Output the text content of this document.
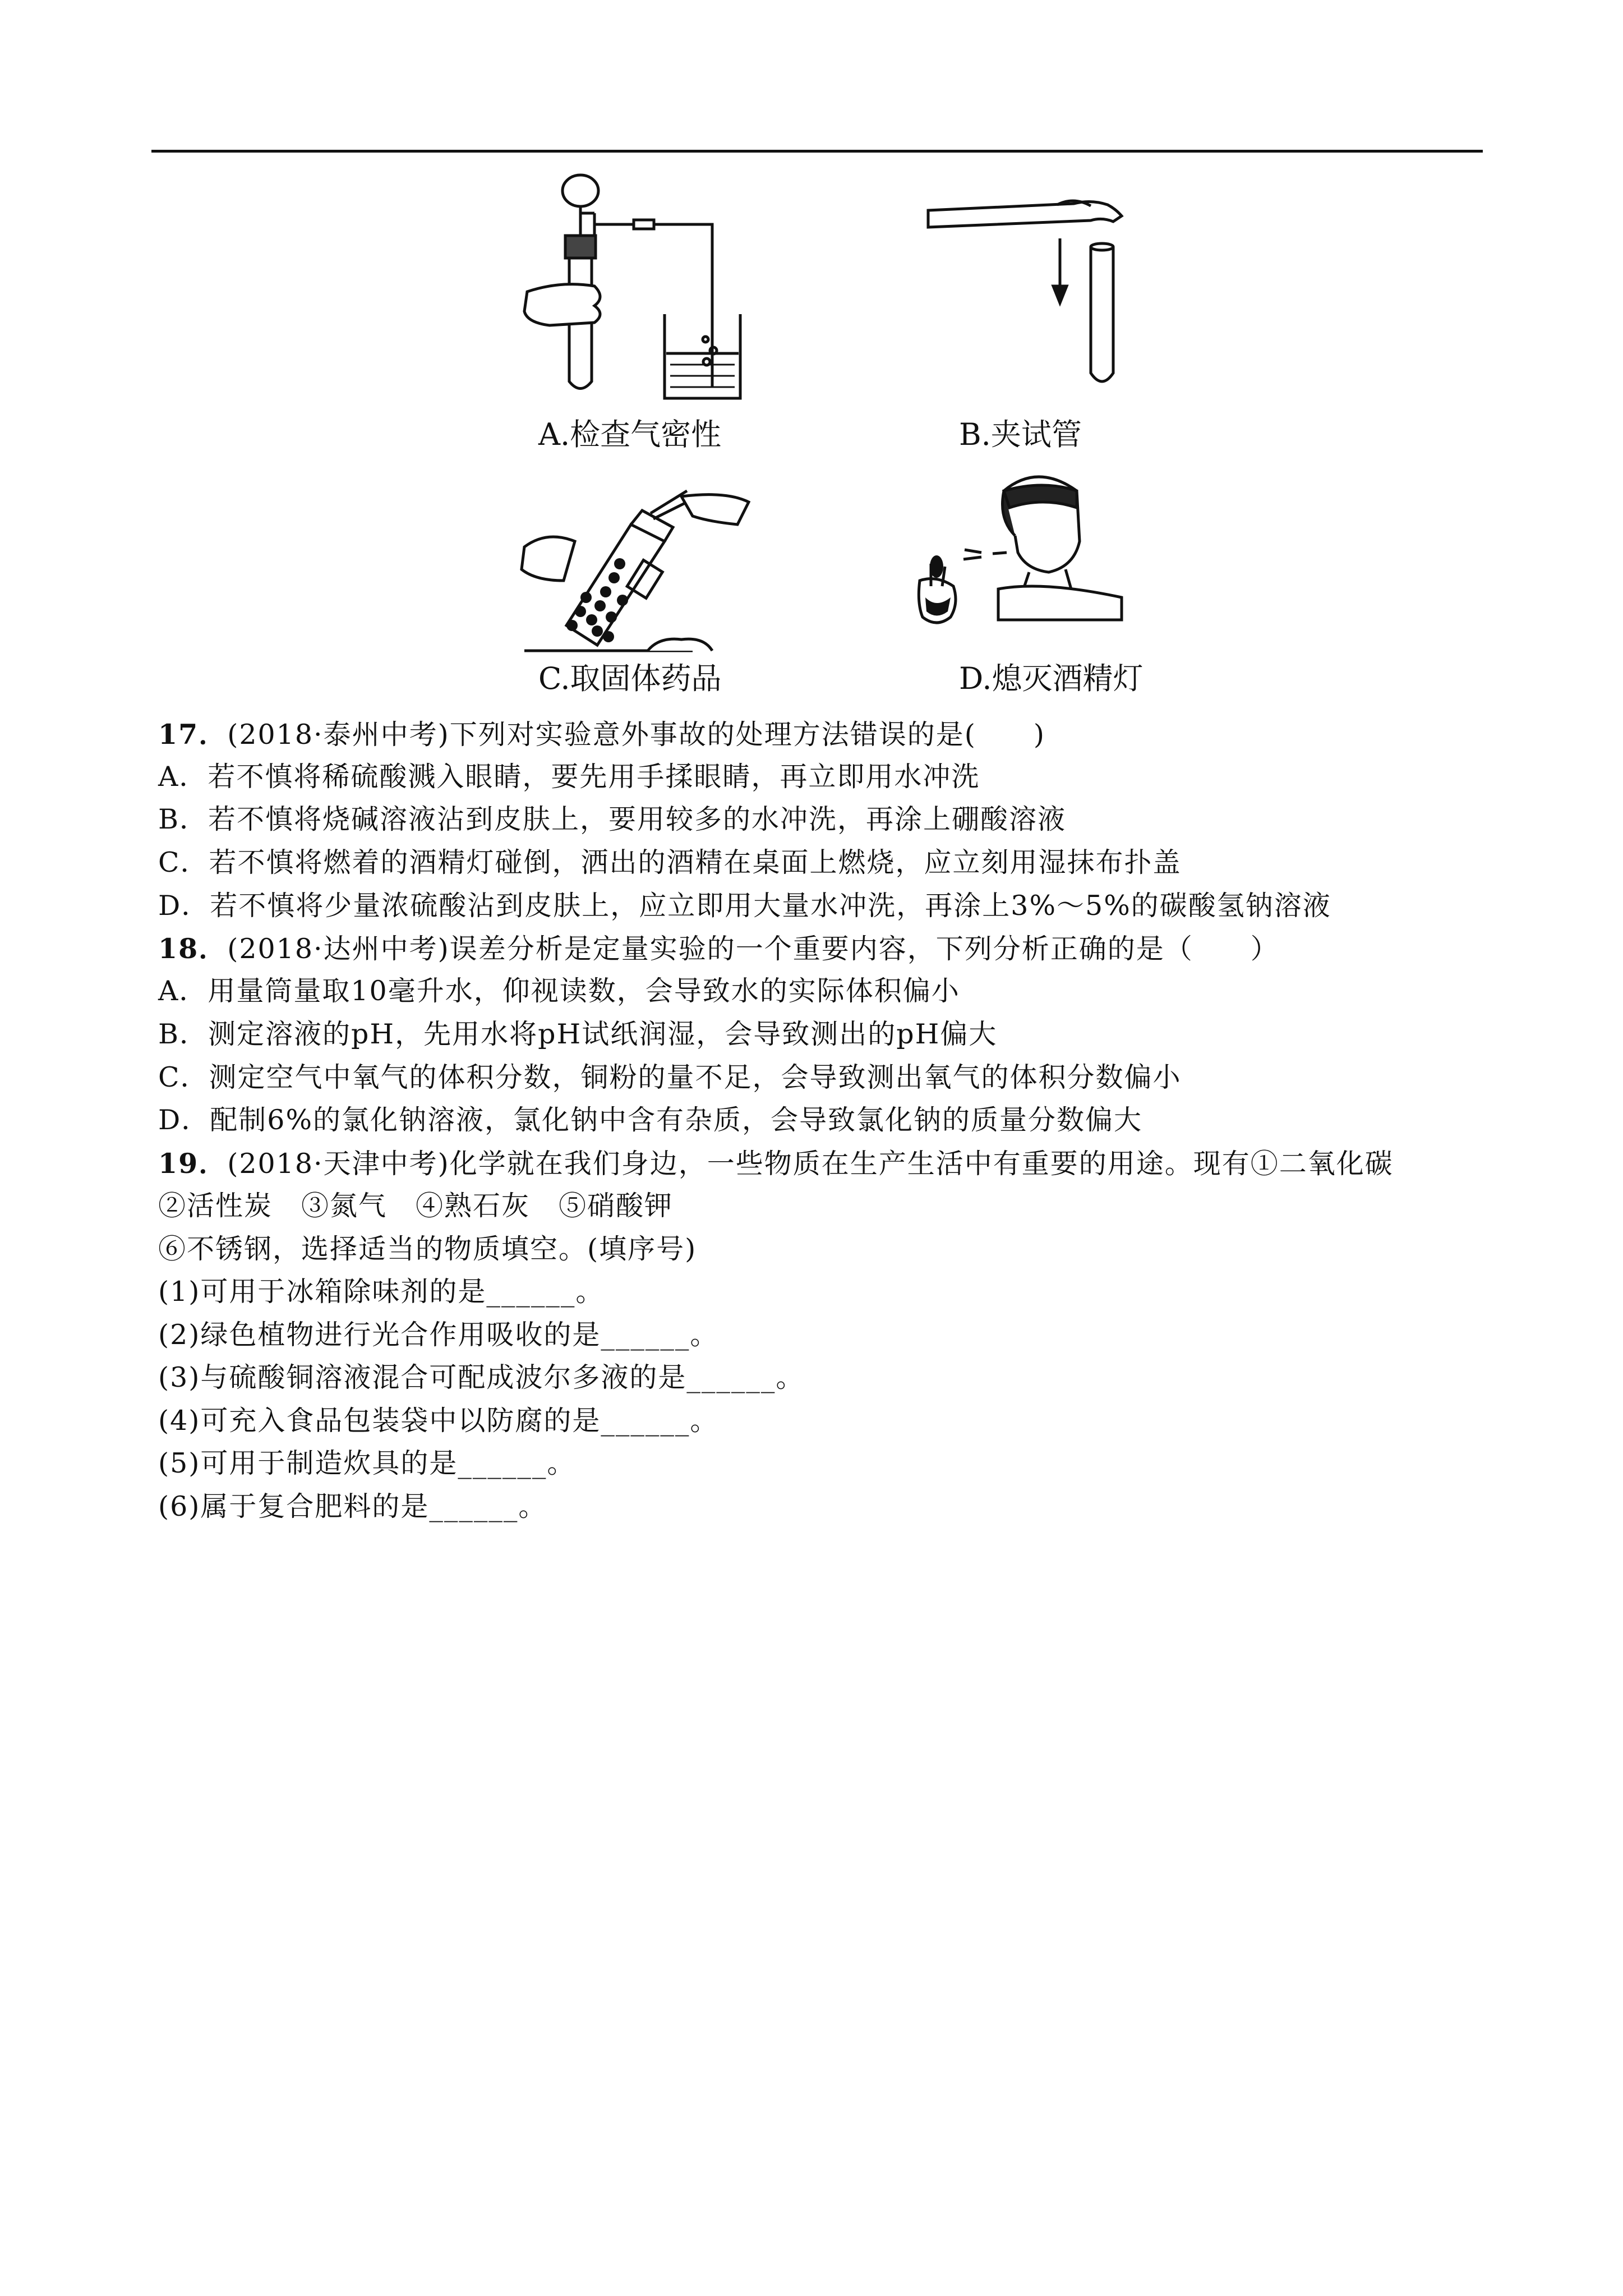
A.检查气密性	B.夹试管
C.取固体药品	D.熄灭酒精灯
17．(2018·泰州中考)下列对实验意外事故的处理方法错误的是(　　)
A．若不慎将稀硫酸溅入眼睛，要先用手揉眼睛，再立即用水冲洗
B．若不慎将烧碱溶液沾到皮肤上，要用较多的水冲洗，再涂上硼酸溶液
C．若不慎将燃着的酒精灯碰倒，洒出的酒精在桌面上燃烧，应立刻用湿抹布扑盖
D．若不慎将少量浓硫酸沾到皮肤上，应立即用大量水冲洗，再涂上3%～5%的碳酸氢钠溶液
18．(2018·达州中考)误差分析是定量实验的一个重要内容，下列分析正确的是（　　）
A．用量筒量取10毫升水，仰视读数，会导致水的实际体积偏小
B．测定溶液的pH，先用水将pH试纸润湿，会导致测出的pH偏大
C．测定空气中氧气的体积分数，铜粉的量不足，会导致测出氧气的体积分数偏小
D．配制6%的氯化钠溶液，氯化钠中含有杂质，会导致氯化钠的质量分数偏大
19．(2018·天津中考)化学就在我们身边，一些物质在生产生活中有重要的用途。现有①二氧化碳
②活性炭　③氮气　④熟石灰　⑤硝酸钾
⑥不锈钢，选择适当的物质填空。(填序号)
(1)可用于冰箱除味剂的是______。
(2)绿色植物进行光合作用吸收的是______。
(3)与硫酸铜溶液混合可配成波尔多液的是______。
(4)可充入食品包装袋中以防腐的是______。
(5)可用于制造炊具的是______。
(6)属于复合肥料的是______。
